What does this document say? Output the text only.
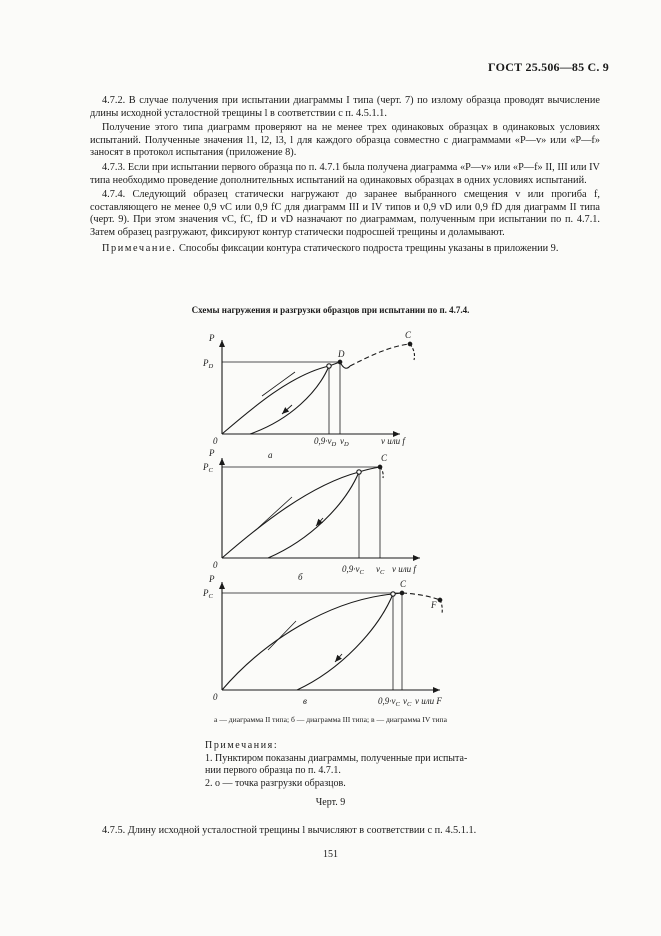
ГОСТ 25.506—85 С. 9

4.7.2. В случае получения при испытании диаграммы I типа (черт. 7) по излому образца проводят вычисление длины исходной усталостной трещины l в соответствии с п. 4.5.1.1.

Получение этого типа диаграмм проверяют на не менее трех одинаковых образцах в одинаковых условиях испытаний. Полученные значения l1, l2, l3, l для каждого образца совместно с диаграммами «P—v» или «P—f» заносят в протокол испытания (приложение 8).

4.7.3. Если при испытании первого образца по п. 4.7.1 была получена диаграмма «P—v» или «P—f» II, III или IV типа необходимо проведение дополнительных испытаний на одинаковых образцах в одних условиях испытаний.

4.7.4. Следующий образец статически нагружают до заранее выбранного смещения v или прогиба f, составляющего не менее 0,9 vC или 0,9 fC для диаграмм III и IV типов и 0,9 vD или 0,9 fD для диаграмм II типа (черт. 9). При этом значения vC, fC, fD и vD назначают по диаграммам, полученным при испытании по п. 4.7.1. Затем образец разгружают, фиксируют контур статически подросшей трещины и доламывают.

Примечание. Способы фиксации контура статического подроста трещины указаны в приложении 9.

Схемы нагружения и разгрузки образцов при испытании по п. 4.7.4.
P
$P_D$
0	$0,9\cdot v_D$ $v_D$	v или f
D
C
а
P
$P_C$
0	$0,9\cdot v_C$ $v_C$ v или f
C
б
P
$P_C$
0	$0,9\cdot v_C$ $v_C$ v или F
C
F
в
а — диаграмма II типа; б — диаграмма III типа; в — диаграмма IV типа
Примечания:
1. Пунктиром показаны диаграммы, полученные при испыта-
нии первого образца по п. 4.7.1.
2. о — точка разгрузки образцов.
Черт. 9
4.7.5. Длину исходной усталостной трещины l вычисляют в соответствии с п. 4.5.1.1.
151
